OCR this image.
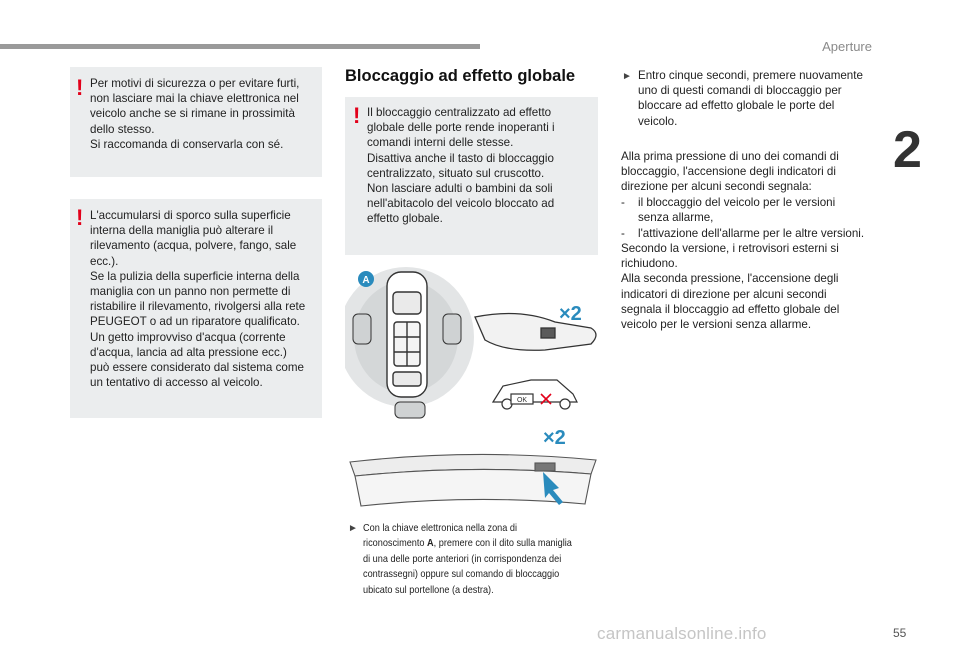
Aperture
2
55
! Per motivi di sicurezza o per evitare furti,
non lasciare mai la chiave elettronica nel
veicolo anche se si rimane in prossimità
dello stesso.
Si raccomanda di conservarla con sé.
! L'accumularsi di sporco sulla superficie
interna della maniglia può alterare il
rilevamento (acqua, polvere, fango, sale
ecc.).
Se la pulizia della superficie interna della
maniglia con un panno non permette di
ristabilire il rilevamento, rivolgersi alla rete
PEUGEOT o ad un riparatore qualificato.
Un getto improvviso d'acqua (corrente
d'acqua, lancia ad alta pressione ecc.)
può essere considerato dal sistema come
un tentativo di accesso al veicolo.
Bloccaggio ad effetto globale
! Il bloccaggio centralizzato ad effetto
globale delle porte rende inoperanti i
comandi interni delle stesse.
Disattiva anche il tasto di bloccaggio
centralizzato, situato sul cruscotto.
Non lasciare adulti o bambini da soli
nell'abitacolo del veicolo bloccato ad
effetto globale.
A
×2
OK
×2
► Con la chiave elettronica nella zona di
riconoscimento A, premere con il dito sulla maniglia
di una delle porte anteriori (in corrispondenza dei
contrassegni) oppure sul comando di bloccaggio
ubicato sul portellone (a destra).
► Entro cinque secondi, premere nuovamente
uno di questi comandi di bloccaggio per
bloccare ad effetto globale le porte del
veicolo.
Alla prima pressione di uno dei comandi di
bloccaggio, l'accensione degli indicatori di
direzione per alcuni secondi segnala:
- il bloccaggio del veicolo per le versioni
senza allarme,
- l'attivazione dell'allarme per le altre versioni.
Secondo la versione, i retrovisori esterni si
richiudono.
Alla seconda pressione, l'accensione degli
indicatori di direzione per alcuni secondi
segnala il bloccaggio ad effetto globale del
veicolo per le versioni senza allarme.
carmanualsonline.info
